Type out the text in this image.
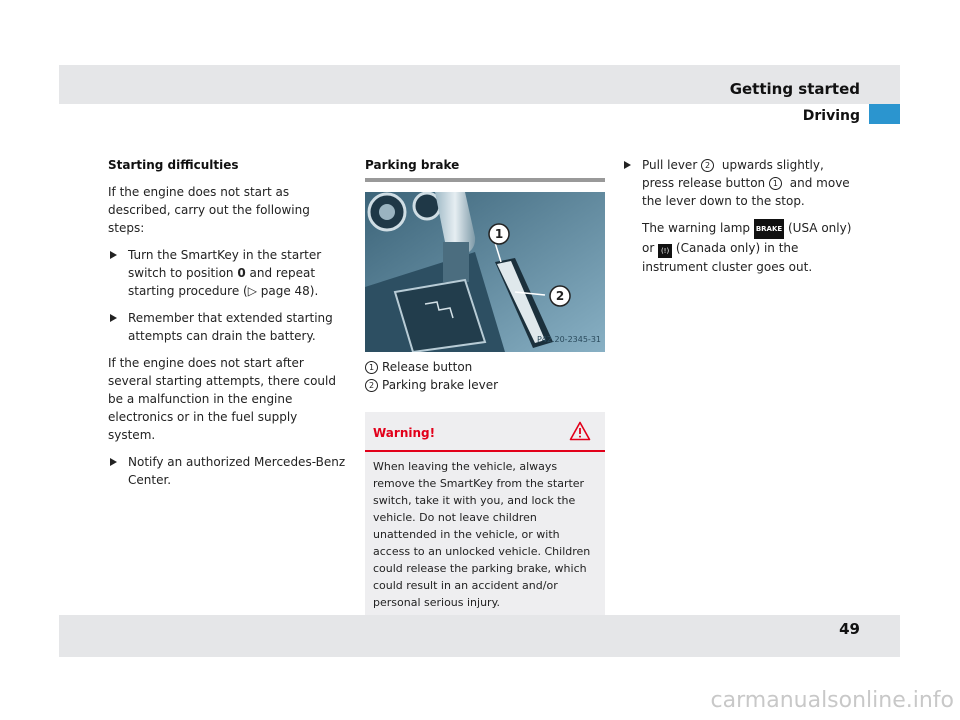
Getting started
Driving

Starting difficulties

If the engine does not start as described, carry out the following steps:

Turn the SmartKey in the starter switch to position 0 and repeat starting procedure (▷ page 48).
Remember that extended starting attempts can drain the battery.

If the engine does not start after several starting attempts, there could be a malfunction in the engine electronics or in the fuel supply system.

Notify an authorized Mercedes-Benz Center.

Parking brake

1
2
P42.20-2345-31
1 Release button
2 Parking brake lever
Warning!
When leaving the vehicle, always remove the SmartKey from the starter switch, take it with you, and lock the vehicle. Do not leave children unattended in the vehicle, or with access to an unlocked vehicle. Children could release the parking brake, which could result in an accident and/or personal serious injury.
Pull lever 2 upwards slightly, press release button 1 and move the lever down to the stop.
The warning lamp BRAKE (USA only) or (!) (Canada only) in the instrument cluster goes out.
49
carmanualsonline.info
